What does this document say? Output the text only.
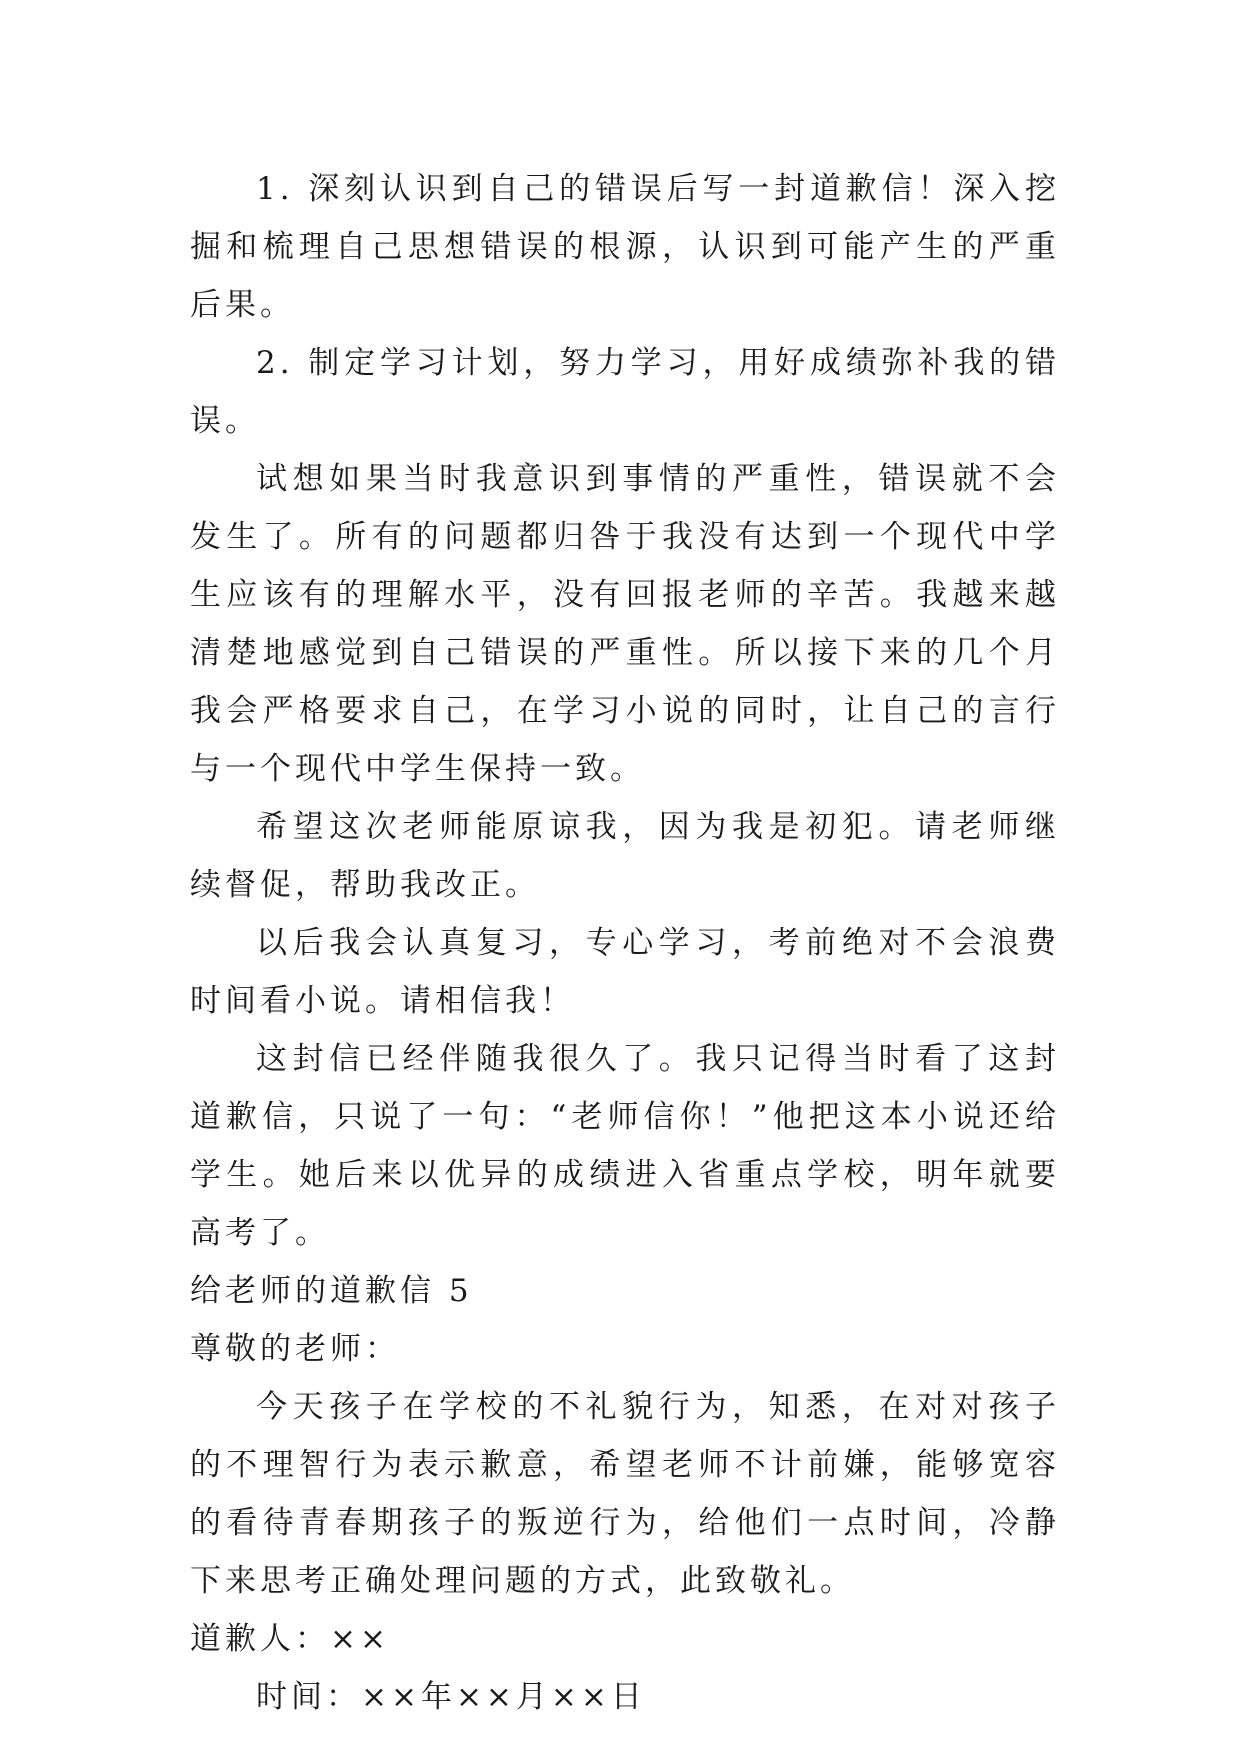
1. 深刻认识到自己的错误后写一封道歉信！深入挖掘和梳理自己思想错误的根源，认识到可能产生的严重后果。

2. 制定学习计划，努力学习，用好成绩弥补我的错误。

试想如果当时我意识到事情的严重性，错误就不会发生了。所有的问题都归咎于我没有达到一个现代中学生应该有的理解水平，没有回报老师的辛苦。我越来越清楚地感觉到自己错误的严重性。所以接下来的几个月我会严格要求自己，在学习小说的同时，让自己的言行与一个现代中学生保持一致。

希望这次老师能原谅我，因为我是初犯。请老师继续督促，帮助我改正。

以后我会认真复习，专心学习，考前绝对不会浪费时间看小说。请相信我！

这封信已经伴随我很久了。我只记得当时看了这封道歉信，只说了一句：“老师信你！”他把这本小说还给学生。她后来以优异的成绩进入省重点学校，明年就要高考了。

给老师的道歉信 5

尊敬的老师：

今天孩子在学校的不礼貌行为，知悉，在对对孩子的不理智行为表示歉意，希望老师不计前嫌，能够宽容的看待青春期孩子的叛逆行为，给他们一点时间，冷静下来思考正确处理问题的方式，此致敬礼。

道歉人：××

时间：××年××月××日
